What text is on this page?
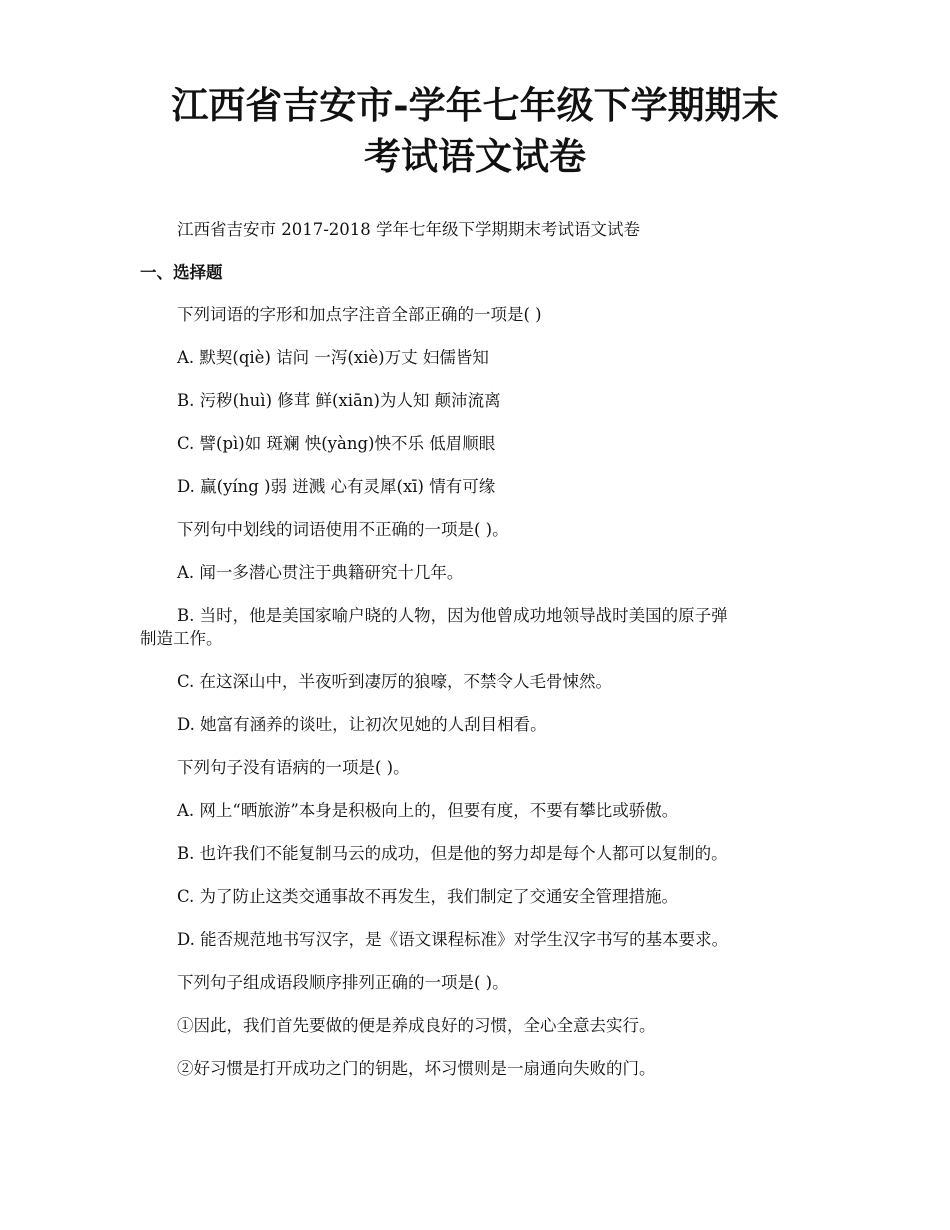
江西省吉安市-学年七年级下学期期末
考试语文试卷

江西省吉安市 2017-2018 学年七年级下学期期末考试语文试卷

一、选择题

下列词语的字形和加点字注音全部正确的一项是( )

A. 默契(qiè) 诘问 一泻(xiè)万丈 妇儒皆知

B. 污秽(huì) 修茸 鲜(xiān)为人知 颠沛流离

C. 譬(pì)如 斑斓 怏(yàng)怏不乐 低眉顺眼

D. 赢(yíng )弱 迸溅 心有灵犀(xī) 情有可缘

下列句中划线的词语使用不正确的一项是( )。

A. 闻一多潜心贯注于典籍研究十几年。

B. 当时，他是美国家喻户晓的人物，因为他曾成功地领导战时美国的原子弹

制造工作。

C. 在这深山中，半夜听到凄厉的狼嚎，不禁令人毛骨悚然。

D. 她富有涵养的谈吐，让初次见她的人刮目相看。

下列句子没有语病的一项是( )。

A. 网上“晒旅游”本身是积极向上的，但要有度，不要有攀比或骄傲。

B. 也许我们不能复制马云的成功，但是他的努力却是每个人都可以复制的。

C. 为了防止这类交通事故不再发生，我们制定了交通安全管理措施。

D. 能否规范地书写汉字，是《语文课程标准》对学生汉字书写的基本要求。

下列句子组成语段顺序排列正确的一项是( )。

①因此，我们首先要做的便是养成良好的习惯，全心全意去实行。

②好习惯是打开成功之门的钥匙，坏习惯则是一扇通向失败的门。
